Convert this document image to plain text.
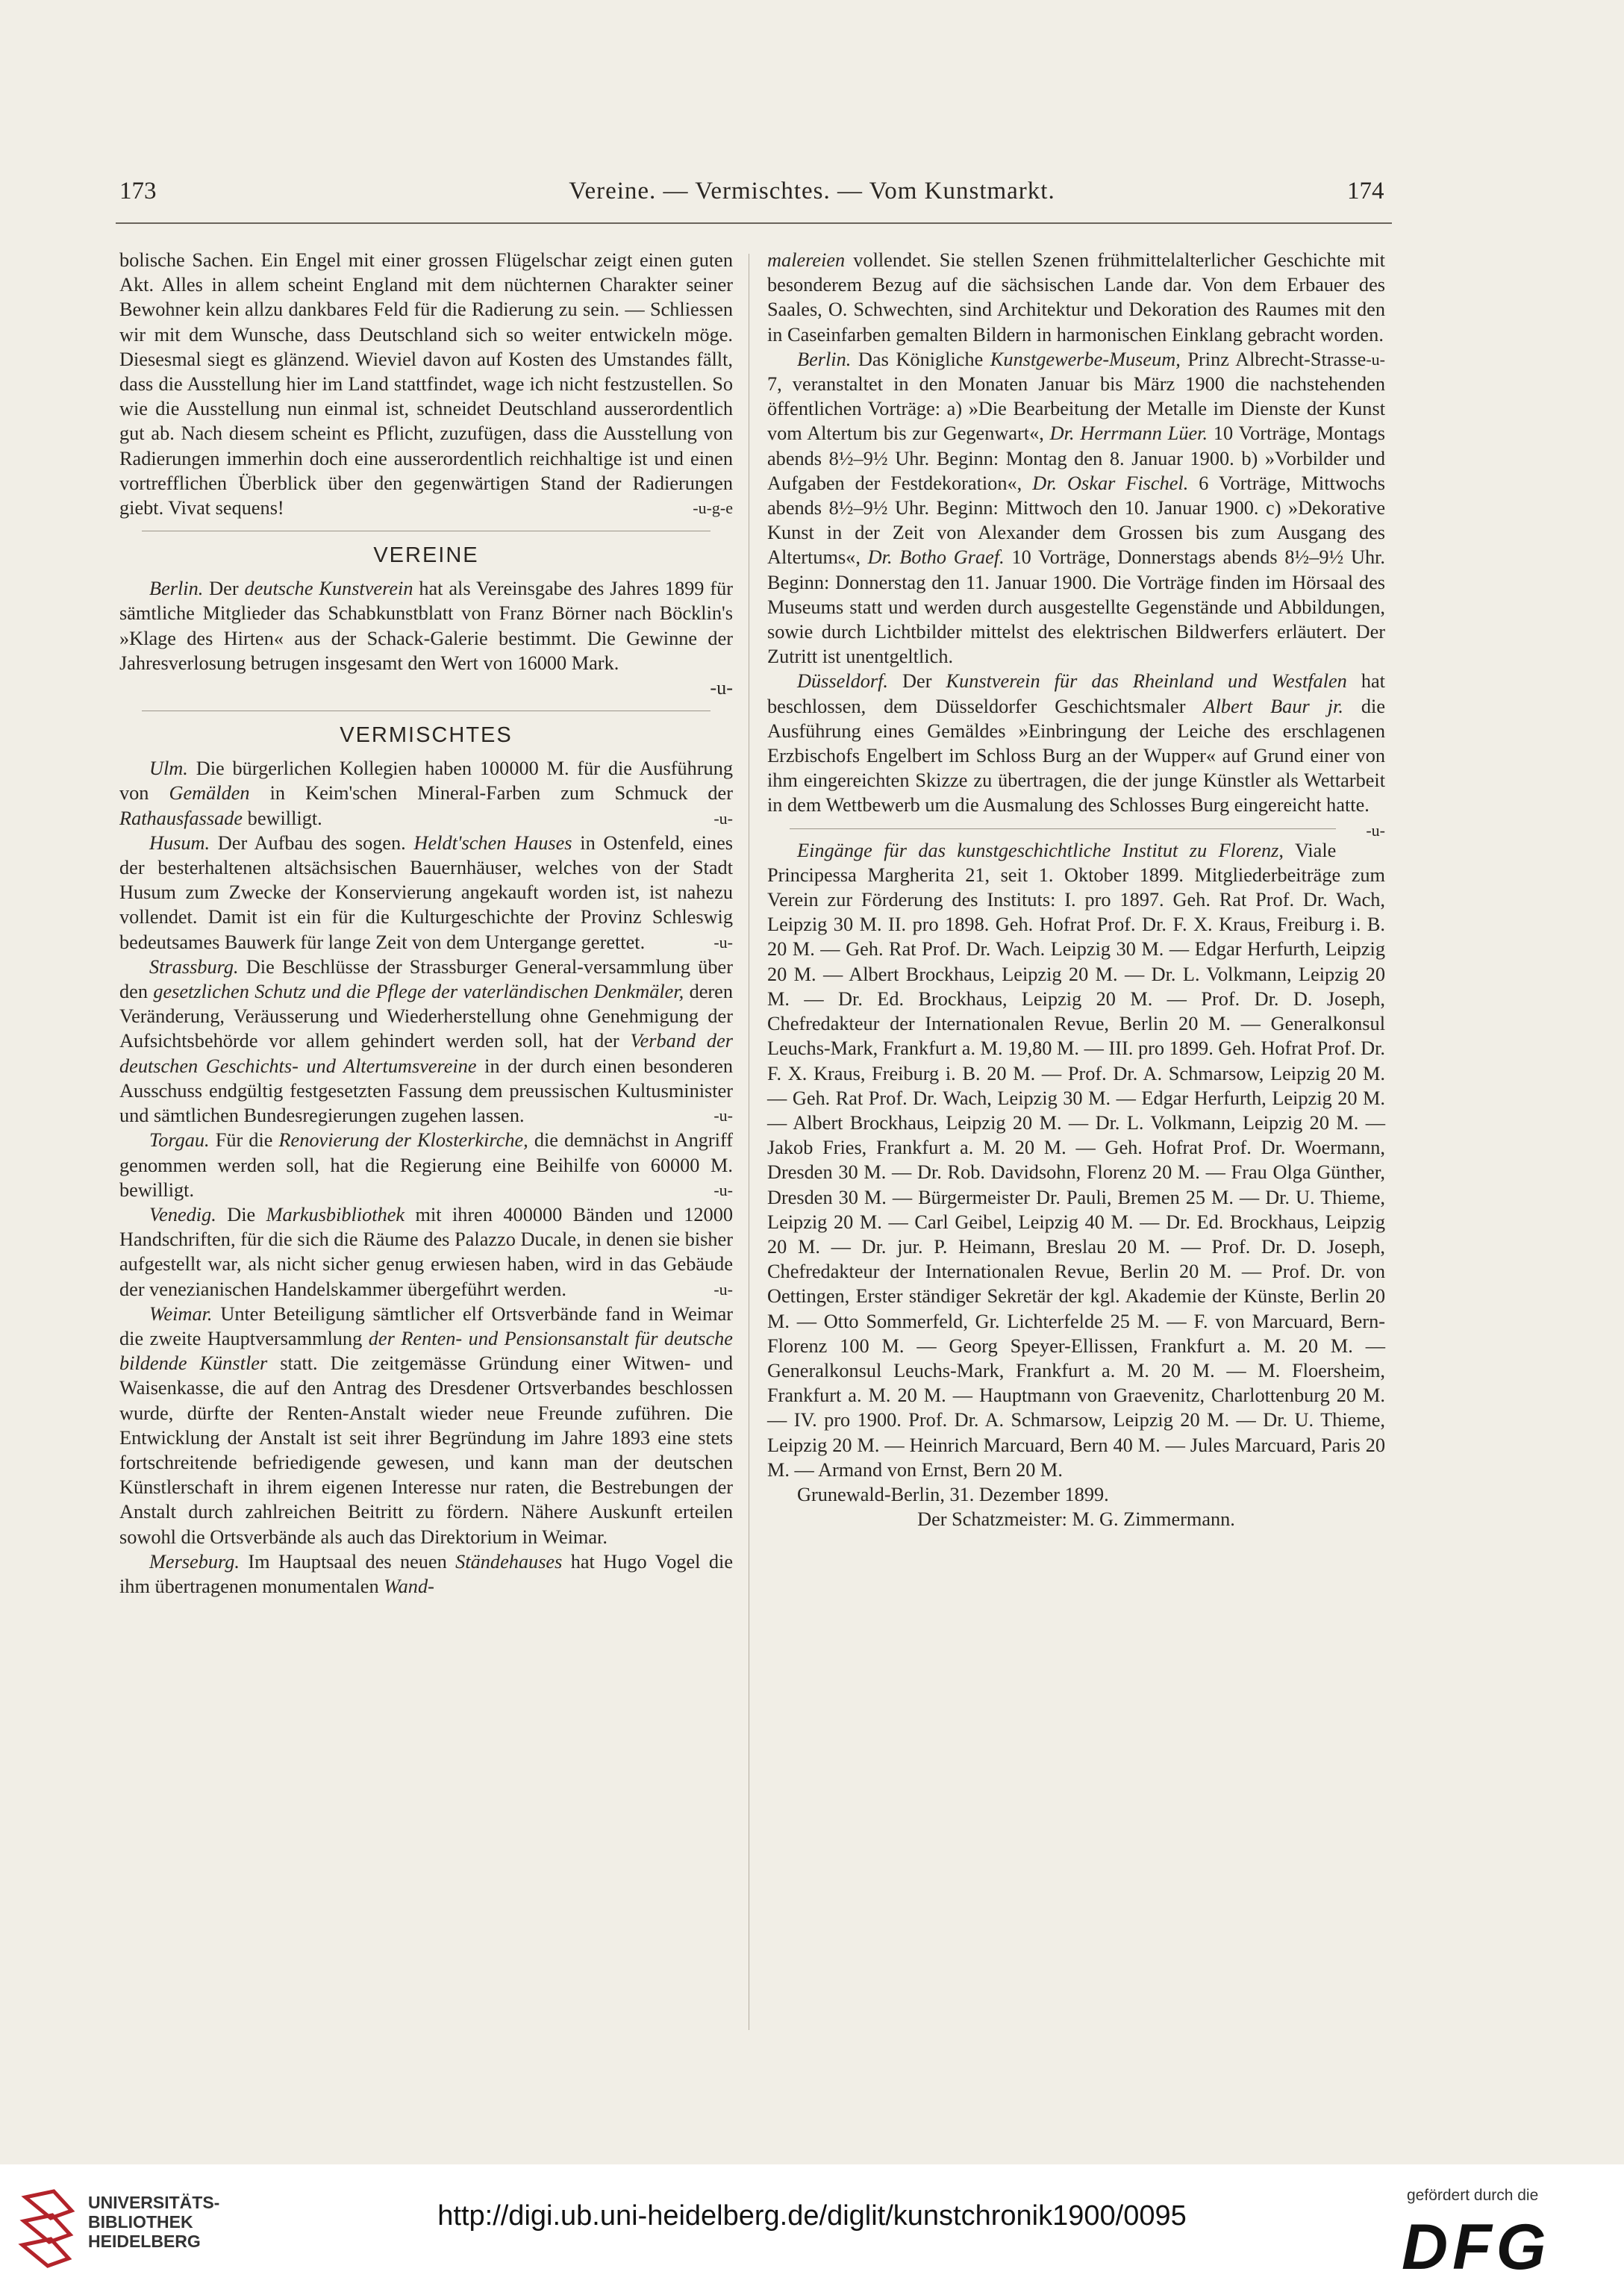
173	Vereine. — Vermischtes. — Vom Kunstmarkt.	174

bolische Sachen. Ein Engel mit einer grossen Flügelschar zeigt einen guten Akt. Alles in allem scheint England mit dem nüchternen Charakter seiner Bewohner kein allzu dankbares Feld für die Radierung zu sein. — Schliessen wir mit dem Wunsche, dass Deutschland sich so weiter entwickeln möge. Diesesmal siegt es glänzend. Wieviel davon auf Kosten des Umstandes fällt, dass die Ausstellung hier im Land stattfindet, wage ich nicht festzustellen. So wie die Ausstellung nun einmal ist, schneidet Deutschland ausserordentlich gut ab. Nach diesem scheint es Pflicht, zuzufügen, dass die Ausstellung von Radierungen immerhin doch eine ausserordentlich reichhaltige ist und einen vortrefflichen Überblick über den gegenwärtigen Stand der Radierungen giebt. Vivat sequens!	-u-g-e

VEREINE

Berlin. Der deutsche Kunstverein hat als Vereinsgabe des Jahres 1899 für sämtliche Mitglieder das Schabkunstblatt von Franz Börner nach Böcklin's »Klage des Hirten« aus der Schack-Galerie bestimmt. Die Gewinne der Jahresverlosung betrugen insgesamt den Wert von 16000 Mark.

-u-

VERMISCHTES

Ulm. Die bürgerlichen Kollegien haben 100000 M. für die Ausführung von Gemälden in Keim'schen Mineral-Farben zum Schmuck der Rathausfassade bewilligt.	-u-

Husum. Der Aufbau des sogen. Heldt'schen Hauses in Ostenfeld, eines der besterhaltenen altsächsischen Bauernhäuser, welches von der Stadt Husum zum Zwecke der Konservierung angekauft worden ist, ist nahezu vollendet. Damit ist ein für die Kulturgeschichte der Provinz Schleswig bedeutsames Bauwerk für lange Zeit von dem Untergange gerettet.	-u-

Strassburg. Die Beschlüsse der Strassburger General-versammlung über den gesetzlichen Schutz und die Pflege der vaterländischen Denkmäler, deren Veränderung, Veräusserung und Wiederherstellung ohne Genehmigung der Aufsichtsbehörde vor allem gehindert werden soll, hat der Verband der deutschen Geschichts- und Altertumsvereine in der durch einen besonderen Ausschuss endgültig festgesetzten Fassung dem preussischen Kultusminister und sämtlichen Bundesregierungen zugehen lassen.	-u-

Torgau. Für die Renovierung der Klosterkirche, die demnächst in Angriff genommen werden soll, hat die Regierung eine Beihilfe von 60000 M. bewilligt.	-u-

Venedig. Die Markusbibliothek mit ihren 400000 Bänden und 12000 Handschriften, für die sich die Räume des Palazzo Ducale, in denen sie bisher aufgestellt war, als nicht sicher genug erwiesen haben, wird in das Gebäude der venezianischen Handelskammer übergeführt werden.	-u-

Weimar. Unter Beteiligung sämtlicher elf Ortsverbände fand in Weimar die zweite Hauptversammlung der Renten- und Pensionsanstalt für deutsche bildende Künstler statt. Die zeitgemässe Gründung einer Witwen- und Waisenkasse, die auf den Antrag des Dresdener Ortsverbandes beschlossen wurde, dürfte der Renten-Anstalt wieder neue Freunde zuführen. Die Entwicklung der Anstalt ist seit ihrer Begründung im Jahre 1893 eine stets fortschreitende befriedigende gewesen, und kann man der deutschen Künstlerschaft in ihrem eigenen Interesse nur raten, die Bestrebungen der Anstalt durch zahlreichen Beitritt zu fördern. Nähere Auskunft erteilen sowohl die Ortsverbände als auch das Direktorium in Weimar.

Merseburg. Im Hauptsaal des neuen Ständehauses hat Hugo Vogel die ihm übertragenen monumentalen Wand-

malereien vollendet. Sie stellen Szenen frühmittelalterlicher Geschichte mit besonderem Bezug auf die sächsischen Lande dar. Von dem Erbauer des Saales, O. Schwechten, sind Architektur und Dekoration des Raumes mit den in Caseinfarben gemalten Bildern in harmonischen Einklang gebracht worden.
-u-

Berlin. Das Königliche Kunstgewerbe-Museum, Prinz Albrecht-Strasse 7, veranstaltet in den Monaten Januar bis März 1900 die nachstehenden öffentlichen Vorträge: a) »Die Bearbeitung der Metalle im Dienste der Kunst vom Altertum bis zur Gegenwart«, Dr. Herrmann Lüer. 10 Vorträge, Montags abends 8½–9½ Uhr. Beginn: Montag den 8. Januar 1900. b) »Vorbilder und Aufgaben der Festdekoration«, Dr. Oskar Fischel. 6 Vorträge, Mittwochs abends 8½–9½ Uhr. Beginn: Mittwoch den 10. Januar 1900. c) »Dekorative Kunst in der Zeit von Alexander dem Grossen bis zum Ausgang des Altertums«, Dr. Botho Graef. 10 Vorträge, Donnerstags abends 8½–9½ Uhr. Beginn: Donnerstag den 11. Januar 1900. Die Vorträge finden im Hörsaal des Museums statt und werden durch ausgestellte Gegenstände und Abbildungen, sowie durch Lichtbilder mittelst des elektrischen Bildwerfers erläutert. Der Zutritt ist unentgeltlich.

Düsseldorf. Der Kunstverein für das Rheinland und Westfalen hat beschlossen, dem Düsseldorfer Geschichtsmaler Albert Baur jr. die Ausführung eines Gemäldes »Einbringung der Leiche des erschlagenen Erzbischofs Engelbert im Schloss Burg an der Wupper« auf Grund einer von ihm eingereichten Skizze zu übertragen, die der junge Künstler als Wettarbeit in dem Wettbewerb um die Ausmalung des Schlosses Burg eingereicht hatte.
-u-

Eingänge für das kunstgeschichtliche Institut zu Florenz, Viale Principessa Margherita 21, seit 1. Oktober 1899. Mitgliederbeiträge zum Verein zur Förderung des Instituts: I. pro 1897. Geh. Rat Prof. Dr. Wach, Leipzig 30 M. II. pro 1898. Geh. Hofrat Prof. Dr. F. X. Kraus, Freiburg i. B. 20 M. — Geh. Rat Prof. Dr. Wach. Leipzig 30 M. — Edgar Herfurth, Leipzig 20 M. — Albert Brockhaus, Leipzig 20 M. — Dr. L. Volkmann, Leipzig 20 M. — Dr. Ed. Brockhaus, Leipzig 20 M. — Prof. Dr. D. Joseph, Chefredakteur der Internationalen Revue, Berlin 20 M. — Generalkonsul Leuchs-Mark, Frankfurt a. M. 19,80 M. — III. pro 1899. Geh. Hofrat Prof. Dr. F. X. Kraus, Freiburg i. B. 20 M. — Prof. Dr. A. Schmarsow, Leipzig 20 M. — Geh. Rat Prof. Dr. Wach, Leipzig 30 M. — Edgar Herfurth, Leipzig 20 M. — Albert Brockhaus, Leipzig 20 M. — Dr. L. Volkmann, Leipzig 20 M. — Jakob Fries, Frankfurt a. M. 20 M. — Geh. Hofrat Prof. Dr. Woermann, Dresden 30 M. — Dr. Rob. Davidsohn, Florenz 20 M. — Frau Olga Günther, Dresden 30 M. — Bürgermeister Dr. Pauli, Bremen 25 M. — Dr. U. Thieme, Leipzig 20 M. — Carl Geibel, Leipzig 40 M. — Dr. Ed. Brockhaus, Leipzig 20 M. — Dr. jur. P. Heimann, Breslau 20 M. — Prof. Dr. D. Joseph, Chefredakteur der Internationalen Revue, Berlin 20 M. — Prof. Dr. von Oettingen, Erster ständiger Sekretär der kgl. Akademie der Künste, Berlin 20 M. — Otto Sommerfeld, Gr. Lichterfelde 25 M. — F. von Marcuard, Bern-Florenz 100 M. — Georg Speyer-Ellissen, Frankfurt a. M. 20 M. — Generalkonsul Leuchs-Mark, Frankfurt a. M. 20 M. — M. Floersheim, Frankfurt a. M. 20 M. — Hauptmann von Graevenitz, Charlottenburg 20 M. — IV. pro 1900. Prof. Dr. A. Schmarsow, Leipzig 20 M. — Dr. U. Thieme, Leipzig 20 M. — Heinrich Marcuard, Bern 40 M. — Jules Marcuard, Paris 20 M. — Armand von Ernst, Bern 20 M.

Grunewald-Berlin, 31. Dezember 1899.

Der Schatzmeister: M. G. Zimmermann.

UNIVERSITÄTS-
BIBLIOTHEK
HEIDELBERG
http://digi.ub.uni-heidelberg.de/diglit/kunstchronik1900/0095
gefördert durch die
DFG
